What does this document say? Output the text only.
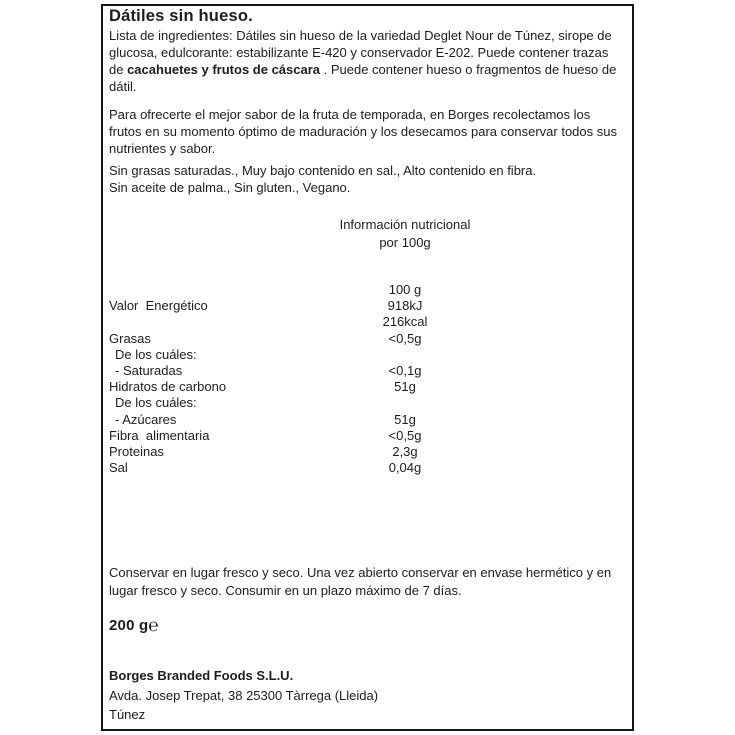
Dátiles sin hueso.
Lista de ingredientes: Dátiles sin hueso de la variedad Deglet Nour de Túnez, sirope de glucosa, edulcorante: estabilizante E-420 y conservador E-202. Puede contener trazas de cacahuetes y frutos de cáscara . Puede contener hueso o fragmentos de hueso de dátil.
Para ofrecerte el mejor sabor de la fruta de temporada, en Borges recolectamos los frutos en su momento óptimo de maduración y los desecamos para conservar todos sus nutrientes y sabor.
Sin grasas saturadas., Muy bajo contenido en sal., Alto contenido en fibra.
Sin aceite de palma., Sin gluten., Vegano.
Información nutricional
por 100g
100 g
Valor  Energético	918kJ
216kcal
Grasas	<0,5g
De los cuáles:
- Saturadas	<0,1g
Hidratos de carbono	51g
De los cuáles:
- Azúcares	51g
Fibra  alimentaria	<0,5g
Proteinas	2,3g
Sal	0,04g
Conservar en lugar fresco y seco. Una vez abierto conservar en envase hermético y en lugar fresco y seco. Consumir en un plazo máximo de 7 días.
200 g℮
Borges Branded Foods S.L.U.
Avda. Josep Trepat, 38 25300 Tàrrega (Lleida)
Túnez
